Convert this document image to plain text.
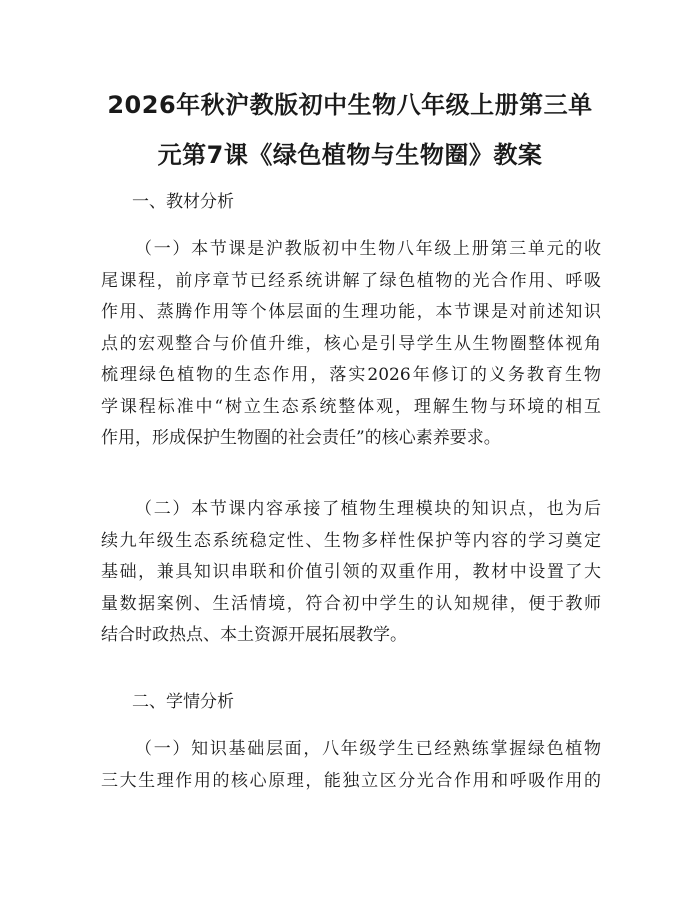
2026年秋沪教版初中生物八年级上册第三单
元第7课《绿色植物与生物圈》教案

一、教材分析

（一）本节课是沪教版初中生物八年级上册第三单元的收
尾课程，前序章节已经系统讲解了绿色植物的光合作用、呼吸
作用、蒸腾作用等个体层面的生理功能，本节课是对前述知识
点的宏观整合与价值升维，核心是引导学生从生物圈整体视角
梳理绿色植物的生态作用，落实2026年修订的义务教育生物
学课程标准中“树立生态系统整体观，理解生物与环境的相互
作用，形成保护生物圈的社会责任”的核心素养要求。
（二）本节课内容承接了植物生理模块的知识点，也为后
续九年级生态系统稳定性、生物多样性保护等内容的学习奠定
基础，兼具知识串联和价值引领的双重作用，教材中设置了大
量数据案例、生活情境，符合初中学生的认知规律，便于教师
结合时政热点、本土资源开展拓展教学。

二、学情分析

（一）知识基础层面，八年级学生已经熟练掌握绿色植物
三大生理作用的核心原理，能独立区分光合作用和呼吸作用的
